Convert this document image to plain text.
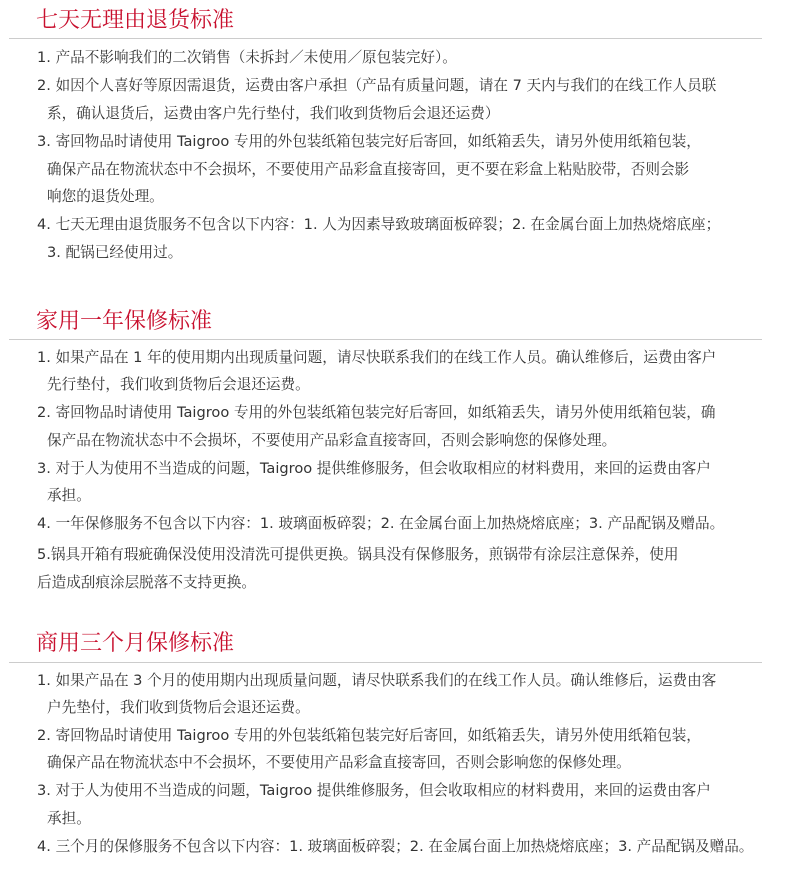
七天无理由退货标准
1. 产品不影响我们的二次销售（未拆封／未使用／原包装完好）。
2. 如因个人喜好等原因需退货，运费由客户承担（产品有质量问题，请在 7 天内与我们的在线工作人员联
系，确认退货后，运费由客户先行垫付，我们收到货物后会退还运费）
3. 寄回物品时请使用 Taigroo 专用的外包装纸箱包装完好后寄回，如纸箱丢失，请另外使用纸箱包装，
确保产品在物流状态中不会损坏，不要使用产品彩盒直接寄回，更不要在彩盒上粘贴胶带，否则会影
响您的退货处理。
4. 七天无理由退货服务不包含以下内容：1. 人为因素导致玻璃面板碎裂；2. 在金属台面上加热烧熔底座；
3. 配锅已经使用过。
家用一年保修标准
1. 如果产品在 1 年的使用期内出现质量问题，请尽快联系我们的在线工作人员。确认维修后，运费由客户
先行垫付，我们收到货物后会退还运费。
2. 寄回物品时请使用 Taigroo 专用的外包装纸箱包装完好后寄回，如纸箱丢失，请另外使用纸箱包装，确
保产品在物流状态中不会损坏，不要使用产品彩盒直接寄回，否则会影响您的保修处理。
3. 对于人为使用不当造成的问题，Taigroo 提供维修服务，但会收取相应的材料费用，来回的运费由客户
承担。
4. 一年保修服务不包含以下内容：1. 玻璃面板碎裂；2. 在金属台面上加热烧熔底座；3. 产品配锅及赠品。
5.锅具开箱有瑕疵确保没使用没清洗可提供更换。锅具没有保修服务，煎锅带有涂层注意保养，使用
后造成刮痕涂层脱落不支持更换。
商用三个月保修标准
1. 如果产品在 3 个月的使用期内出现质量问题，请尽快联系我们的在线工作人员。确认维修后，运费由客
户先垫付，我们收到货物后会退还运费。
2. 寄回物品时请使用 Taigroo 专用的外包装纸箱包装完好后寄回，如纸箱丢失，请另外使用纸箱包装，
确保产品在物流状态中不会损坏，不要使用产品彩盒直接寄回，否则会影响您的保修处理。
3. 对于人为使用不当造成的问题，Taigroo 提供维修服务，但会收取相应的材料费用，来回的运费由客户
承担。
4. 三个月的保修服务不包含以下内容：1. 玻璃面板碎裂；2. 在金属台面上加热烧熔底座；3. 产品配锅及赠品。
